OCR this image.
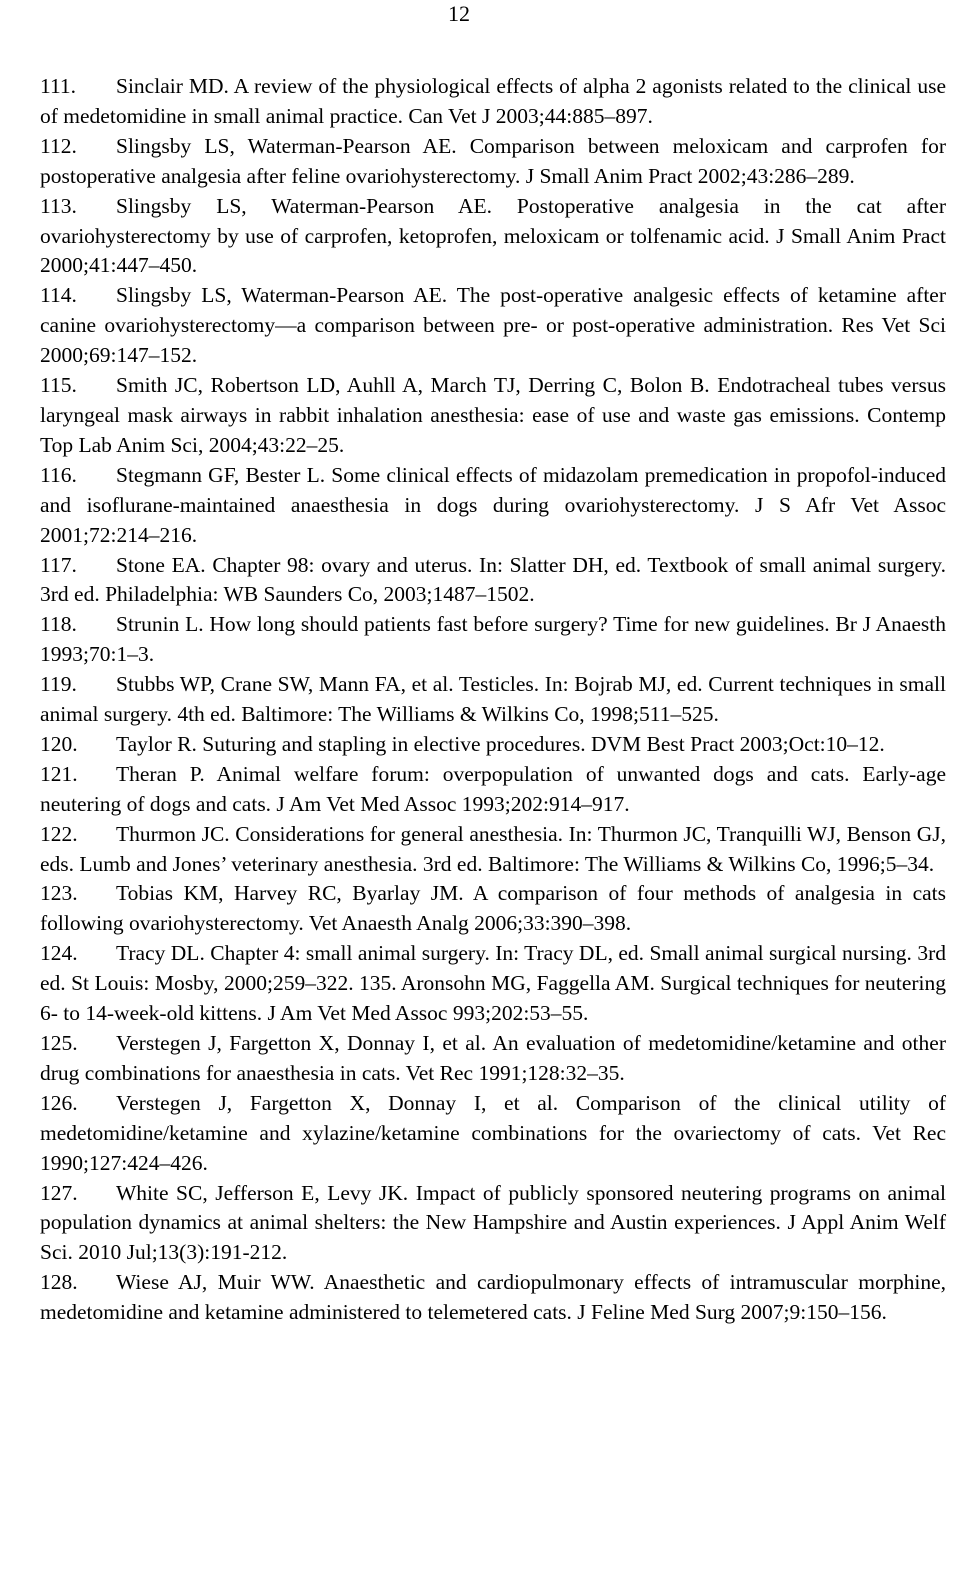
12

111. Sinclair MD. A review of the physiological effects of alpha 2 agonists related to the clinical use of medetomidine in small animal practice. Can Vet J 2003;44:885–897.

112. Slingsby LS, Waterman-Pearson AE. Comparison between meloxicam and carprofen for postoperative analgesia after feline ovariohysterectomy. J Small Anim Pract 2002;43:286–289.

113. Slingsby LS, Waterman-Pearson AE. Postoperative analgesia in the cat after ovariohysterectomy by use of carprofen, ketoprofen, meloxicam or tolfenamic acid. J Small Anim Pract 2000;41:447–450.

114. Slingsby LS, Waterman-Pearson AE. The post-operative analgesic effects of ketamine after canine ovariohysterectomy—a comparison between pre- or post-operative administration. Res Vet Sci 2000;69:147–152.

115. Smith JC, Robertson LD, Auhll A, March TJ, Derring C, Bolon B. Endotracheal tubes versus laryngeal mask airways in rabbit inhalation anesthesia: ease of use and waste gas emissions. Contemp Top Lab Anim Sci, 2004;43:22–25.

116. Stegmann GF, Bester L. Some clinical effects of midazolam premedication in propofol-induced and isoflurane-maintained anaesthesia in dogs during ovariohysterectomy. J S Afr Vet Assoc 2001;72:214–216.

117. Stone EA. Chapter 98: ovary and uterus. In: Slatter DH, ed. Textbook of small animal surgery. 3rd ed. Philadelphia: WB Saunders Co, 2003;1487–1502.

118. Strunin L. How long should patients fast before surgery? Time for new guidelines. Br J Anaesth 1993;70:1–3.

119. Stubbs WP, Crane SW, Mann FA, et al. Testicles. In: Bojrab MJ, ed. Current techniques in small animal surgery. 4th ed. Baltimore: The Williams & Wilkins Co, 1998;511–525.

120. Taylor R. Suturing and stapling in elective procedures. DVM Best Pract 2003;Oct:10–12.

121. Theran P. Animal welfare forum: overpopulation of unwanted dogs and cats. Early-age neutering of dogs and cats. J Am Vet Med Assoc 1993;202:914–917.

122. Thurmon JC. Considerations for general anesthesia. In: Thurmon JC, Tranquilli WJ, Benson GJ, eds. Lumb and Jones’ veterinary anesthesia. 3rd ed. Baltimore: The Williams & Wilkins Co, 1996;5–34.

123. Tobias KM, Harvey RC, Byarlay JM. A comparison of four methods of analgesia in cats following ovariohysterectomy. Vet Anaesth Analg 2006;33:390–398.

124. Tracy DL. Chapter 4: small animal surgery. In: Tracy DL, ed. Small animal surgical nursing. 3rd ed. St Louis: Mosby, 2000;259–322. 135. Aronsohn MG, Faggella AM. Surgical techniques for neutering 6- to 14-week-old kittens. J Am Vet Med Assoc 993;202:53–55.

125. Verstegen J, Fargetton X, Donnay I, et al. An evaluation of medetomidine/ketamine and other drug combinations for anaesthesia in cats. Vet Rec 1991;128:32–35.

126. Verstegen J, Fargetton X, Donnay I, et al. Comparison of the clinical utility of medetomidine/ketamine and xylazine/ketamine combinations for the ovariectomy of cats. Vet Rec 1990;127:424–426.

127. White SC, Jefferson E, Levy JK. Impact of publicly sponsored neutering programs on animal population dynamics at animal shelters: the New Hampshire and Austin experiences. J Appl Anim Welf Sci. 2010 Jul;13(3):191-212.

128. Wiese AJ, Muir WW. Anaesthetic and cardiopulmonary effects of intramuscular morphine, medetomidine and ketamine administered to telemetered cats. J Feline Med Surg 2007;9:150–156.
